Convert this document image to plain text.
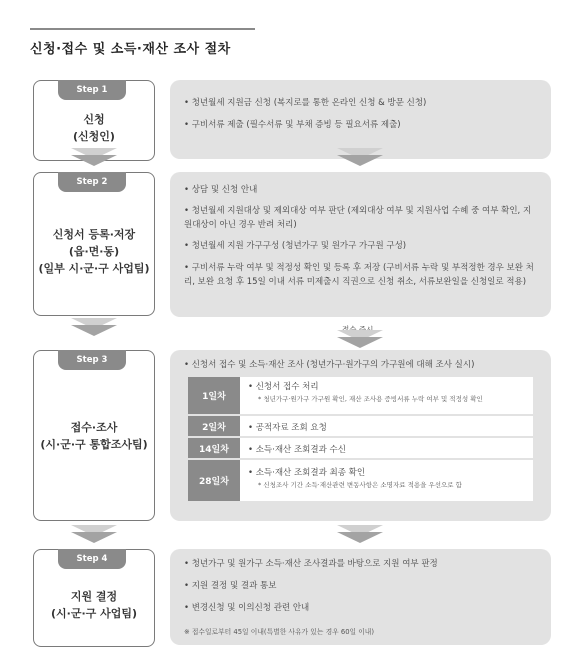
신청·접수 및 소득·재산 조사 절차
신청
(신청인)
Step 1
• 청년월세 지원금 신청 (복지로를 통한 온라인 신청 & 방문 신청)
• 구비서류 제출 (필수서류 및 부채 증빙 등 필요서류 제출)
신청서 등록·저장
(읍·면·동)
(일부 시·군·구 사업팀)
Step 2
• 상담 및 신청 안내
• 청년월세 지원대상 및 제외대상 여부 판단 (제외대상 여부 및 지원사업 수혜 중 여부 확인, 지원대상이 아닌 경우 반려 처리)
• 청년월세 지원 가구구성 (청년가구 및 원가구 가구원 구성)
• 구비서류 누락 여부 및 적정성 확인 및 등록 후 저장 (구비서류 누락 및 부적정한 경우 보완 처리, 보완 요청 후 15일 이내 서류 미제출시 직권으로 신청 취소, 서류보완일을 신청일로 적용)
접수 즉시
접수·조사
(시·군·구 통합조사팀)
Step 3	• 신청서 접수 및 소득·재산 조사 (청년가구·원가구의 가구원에 대해 조사 실시)
1일차
• 신청서 접수 처리
* 청년가구·원가구 가구원 확인, 재산 조사용 증빙서류 누락 여부 및 적정성 확인
2일차	• 공적자료 조회 요청
14일차	• 소득·재산 조회결과 수신
28일차
• 소득·재산 조회결과 최종 확인
* 신청조사 기간 소득·재산관련 변동사항은 소명자료 적용을 우선으로 함
지원 결정
(시·군·구 사업팀)
Step 4	• 청년가구 및 원가구 소득·재산 조사결과를 바탕으로 지원 여부 판정
• 지원 결정 및 결과 통보
• 변경신청 및 이의신청 관련 안내
※ 접수일로부터 45일 이내(특별한 사유가 있는 경우 60일 이내)
